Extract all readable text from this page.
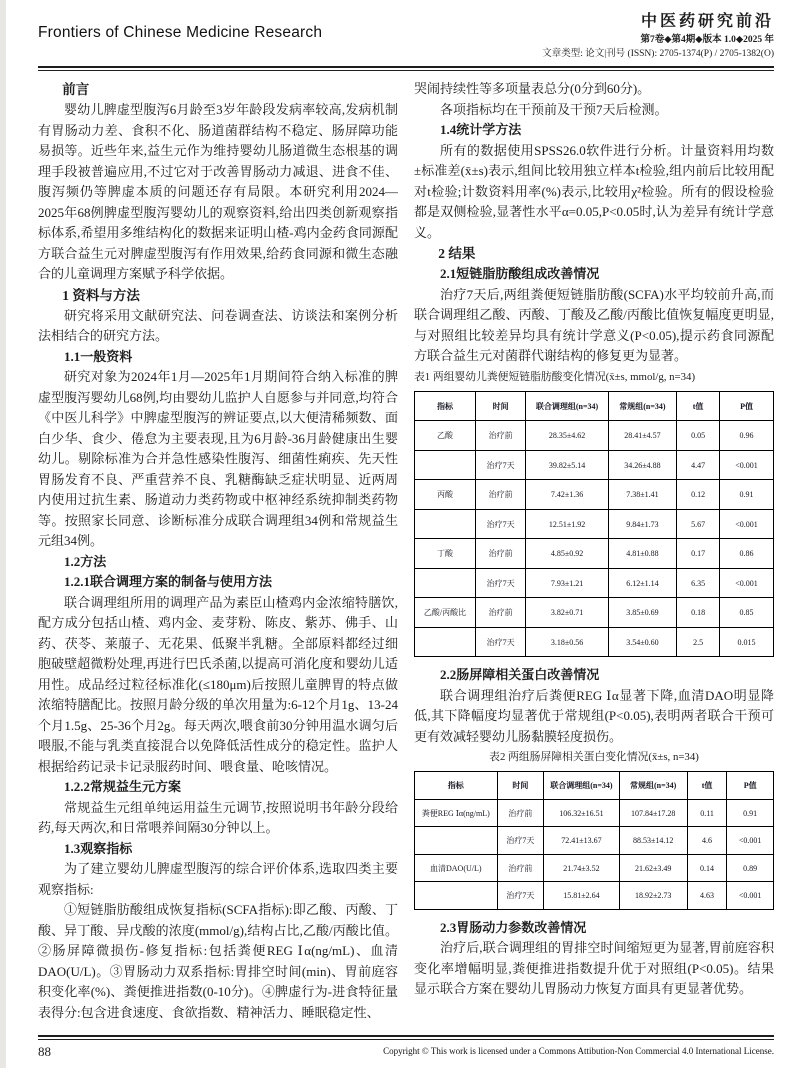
Frontiers of Chinese Medicine Research
中医药研究前沿
第7卷◆第4期◆版本 1.0◆2025 年
文章类型: 论文|刊号 (ISSN): 2705-1374(P) / 2705-1382(O)
前言

婴幼儿脾虚型腹泻6月龄至3岁年龄段发病率较高,发病机制有胃肠动力差、食积不化、肠道菌群结构不稳定、肠屏障功能易损等。近些年来,益生元作为维持婴幼儿肠道微生态根基的调理手段被普遍应用,不过它对于改善胃肠动力减退、进食不佳、腹泻频仍等脾虚本质的问题还存有局限。本研究利用2024—2025年68例脾虚型腹泻婴幼儿的观察资料,给出四类创新观察指标体系,希望用多维结构化的数据来证明山楂-鸡内金药食同源配方联合益生元对脾虚型腹泻有作用效果,给药食同源和微生态融合的儿童调理方案赋予科学依据。

1 资料与方法

研究将采用文献研究法、问卷调查法、访谈法和案例分析法相结合的研究方法。

1.1一般资料

研究对象为2024年1月—2025年1月期间符合纳入标准的脾虚型腹泻婴幼儿68例,均由婴幼儿监护人自愿参与并同意,均符合《中医儿科学》中脾虚型腹泻的辨证要点,以大便清稀频数、面白少华、食少、倦怠为主要表现,且为6月龄-36月龄健康出生婴幼儿。剔除标准为合并急性感染性腹泻、细菌性痢疾、先天性胃肠发育不良、严重营养不良、乳糖酶缺乏症状明显、近两周内使用过抗生素、肠道动力类药物或中枢神经系统抑制类药物等。按照家长同意、诊断标准分成联合调理组34例和常规益生元组34例。

1.2方法
1.2.1联合调理方案的制备与使用方法

联合调理组所用的调理产品为素臣山楂鸡内金浓缩特膳饮,配方成分包括山楂、鸡内金、麦芽粉、陈皮、紫苏、佛手、山药、茯苓、莱菔子、无花果、低聚半乳糖。全部原料都经过细胞破壁超微粉处理,再进行巴氏杀菌,以提高可消化度和婴幼儿适用性。成品经过粒径标准化(≤180μm)后按照儿童脾胃的特点做浓缩特膳配比。按照月龄分级的单次用量为:6-12个月1g、13-24个月1.5g、25-36个月2g。每天两次,喂食前30分钟用温水调匀后喂服,不能与乳类直接混合以免降低活性成分的稳定性。监护人根据给药记录卡记录服药时间、喂食量、呛咳情况。

1.2.2常规益生元方案

常规益生元组单纯运用益生元调节,按照说明书年龄分段给药,每天两次,和日常喂养间隔30分钟以上。

1.3观察指标

为了建立婴幼儿脾虚型腹泻的综合评价体系,选取四类主要观察指标:

①短链脂肪酸组成恢复指标(SCFA指标):即乙酸、丙酸、丁酸、异丁酸、异戊酸的浓度(mmol/g),结构占比,乙酸/丙酸比值。②肠屏障微损伤-修复指标:包括粪便REG Ⅰα(ng/mL)、血清DAO(U/L)。③胃肠动力双系指标:胃排空时间(min)、胃前庭容积变化率(%)、粪便推进指数(0-10分)。④脾虚行为-进食特征量表得分:包含进食速度、食欲指数、精神活力、睡眠稳定性、

哭闹持续性等多项量表总分(0分到60分)。

各项指标均在干预前及干预7天后检测。

1.4统计学方法

所有的数据使用SPSS26.0软件进行分析。计量资料用均数±标准差(x̄±s)表示,组间比较用独立样本t检验,组内前后比较用配对t检验;计数资料用率(%)表示,比较用χ²检验。所有的假设检验都是双侧检验,显著性水平α=0.05,P<0.05时,认为差异有统计学意义。

2 结果
2.1短链脂肪酸组成改善情况

治疗7天后,两组粪便短链脂肪酸(SCFA)水平均较前升高,而联合调理组乙酸、丙酸、丁酸及乙酸/丙酸比值恢复幅度更明显,与对照组比较差异均具有统计学意义(P<0.05),提示药食同源配方联合益生元对菌群代谢结构的修复更为显著。

表1 两组婴幼儿粪便短链脂肪酸变化情况(x̄±s, mmol/g, n=34)

指标	时间	联合调理组(n=34)	常规组(n=34)	t值	P值
乙酸	治疗前	28.35±4.62	28.41±4.57	0.05	0.96
	治疗7天	39.82±5.14	34.26±4.88	4.47	<0.001
丙酸	治疗前	7.42±1.36	7.38±1.41	0.12	0.91
	治疗7天	12.51±1.92	9.84±1.73	5.67	<0.001
丁酸	治疗前	4.85±0.92	4.81±0.88	0.17	0.86
	治疗7天	7.93±1.21	6.12±1.14	6.35	<0.001
乙酸/丙酸比	治疗前	3.82±0.71	3.85±0.69	0.18	0.85
	治疗7天	3.18±0.56	3.54±0.60	2.5	0.015
2.2肠屏障相关蛋白改善情况

联合调理组治疗后粪便REG Ⅰα显著下降,血清DAO明显降低,其下降幅度均显著优于常规组(P<0.05),表明两者联合干预可更有效减轻婴幼儿肠黏膜轻度损伤。

表2 两组肠屏障相关蛋白变化情况(x̄±s, n=34)

指标	时间	联合调理组(n=34)	常规组(n=34)	t值	P值
粪便REG Ⅰα(ng/mL)	治疗前	106.32±16.51	107.84±17.28	0.11	0.91
	治疗7天	72.41±13.67	88.53±14.12	4.6	<0.001
血清DAO(U/L)	治疗前	21.74±3.52	21.62±3.49	0.14	0.89
	治疗7天	15.81±2.64	18.92±2.73	4.63	<0.001
2.3胃肠动力参数改善情况

治疗后,联合调理组的胃排空时间缩短更为显著,胃前庭容积变化率增幅明显,粪便推进指数提升优于对照组(P<0.05)。结果显示联合方案在婴幼儿胃肠动力恢复方面具有更显著优势。

88	Copyright © This work is licensed under a Commons Attibution-Non Commercial 4.0 International License.
